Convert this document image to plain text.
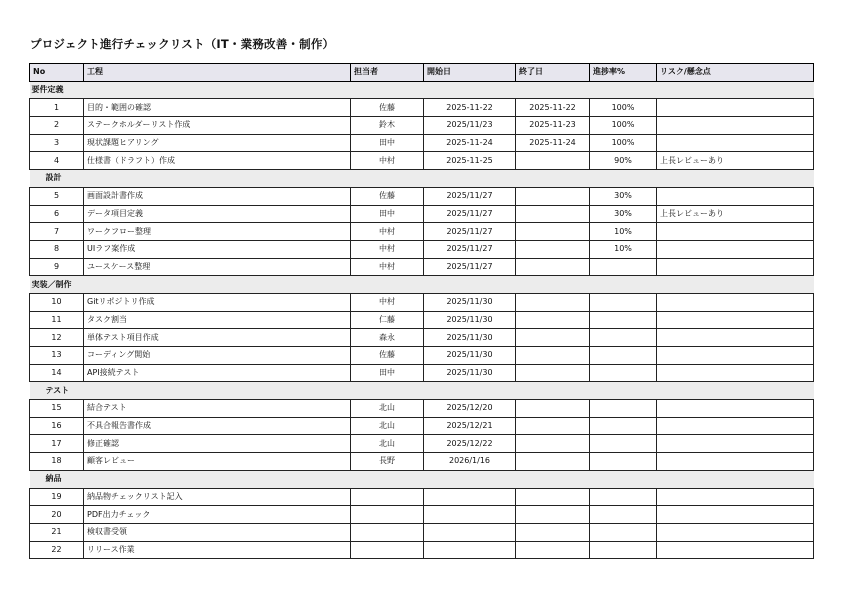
プロジェクト進行チェックリスト（IT・業務改善・制作）
No	工程	担当者	開始日	終了日	進捗率%	リスク/懸念点
要件定義						
1	目的・範囲の確認	佐藤	2025-11-22	2025-11-22	100%	
2	ステークホルダーリスト作成	鈴木	2025/11/23	2025-11-23	100%	
3	現状課題ヒアリング	田中	2025-11-24	2025-11-24	100%	
4	仕様書（ドラフト）作成	中村	2025-11-25		90%	上長レビューあり
設計						
5	画面設計書作成	佐藤	2025/11/27		30%	
6	データ項目定義	田中	2025/11/27		30%	上長レビューあり
7	ワークフロー整理	中村	2025/11/27		10%	
8	UIラフ案作成	中村	2025/11/27		10%	
9	ユースケース整理	中村	2025/11/27			
実装／制作						
10	Gitリポジトリ作成	中村	2025/11/30			
11	タスク割当	仁藤	2025/11/30			
12	単体テスト項目作成	森永	2025/11/30			
13	コーディング開始	佐藤	2025/11/30			
14	API接続テスト	田中	2025/11/30			
テスト						
15	結合テスト	北山	2025/12/20			
16	不具合報告書作成	北山	2025/12/21			
17	修正確認	北山	2025/12/22			
18	顧客レビュー	長野	2026/1/16			
納品						
19	納品物チェックリスト記入					
20	PDF出力チェック					
21	検収書受領					
22	リリース作業					
